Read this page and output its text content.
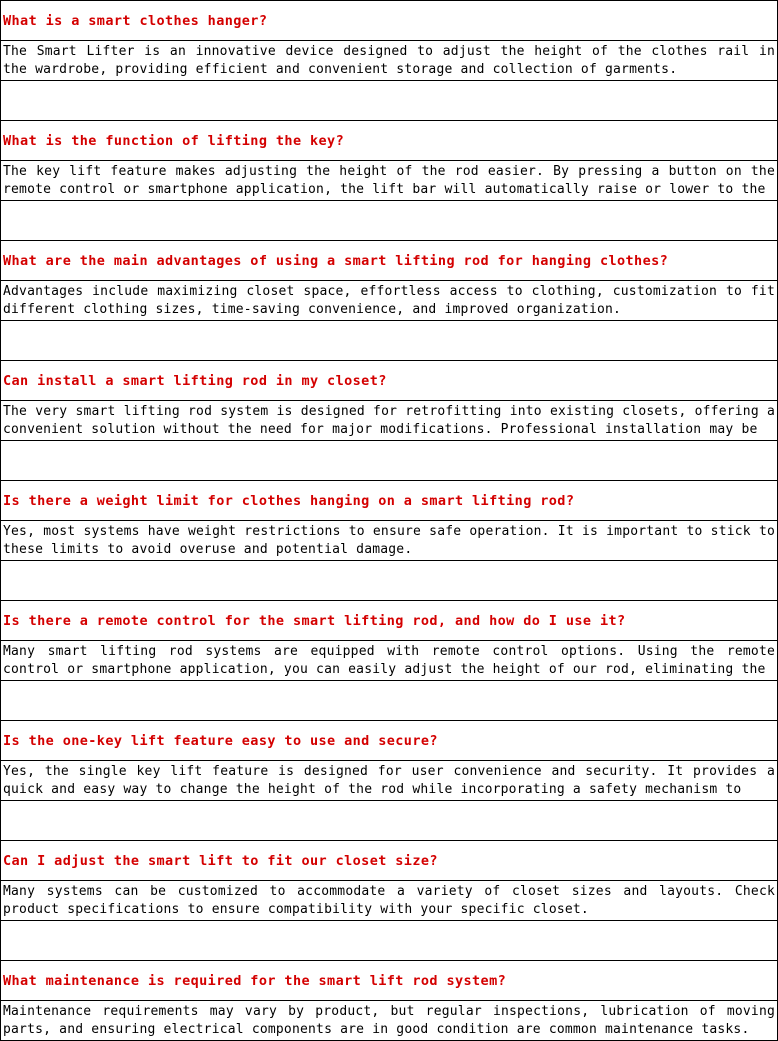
What is a smart clothes hanger?

The Smart Lifter is an innovative device designed to adjust the height of the clothes rail in the wardrobe, providing efficient and convenient storage and collection of garments.

What is the function of lifting the key?

The key lift feature makes adjusting the height of the rod easier. By pressing a button on the remote control or smartphone application, the lift bar will automatically raise or lower to the

What are the main advantages of using a smart lifting rod for hanging clothes?

Advantages include maximizing closet space, effortless access to clothing, customization to fit different clothing sizes, time-saving convenience, and improved organization.

Can install a smart lifting rod in my closet?

The very smart lifting rod system is designed for retrofitting into existing closets, offering a convenient solution without the need for major modifications. Professional installation may be

Is there a weight limit for clothes hanging on a smart lifting rod?

Yes, most systems have weight restrictions to ensure safe operation. It is important to stick to these limits to avoid overuse and potential damage.

Is there a remote control for the smart lifting rod, and how do I use it?

Many smart lifting rod systems are equipped with remote control options. Using the remote control or smartphone application, you can easily adjust the height of our rod, eliminating the

Is the one-key lift feature easy to use and secure?

Yes, the single key lift feature is designed for user convenience and security. It provides a quick and easy way to change the height of the rod while incorporating a safety mechanism to

Can I adjust the smart lift to fit our closet size?

Many systems can be customized to accommodate a variety of closet sizes and layouts. Check product specifications to ensure compatibility with your specific closet.

What maintenance is required for the smart lift rod system?

Maintenance requirements may vary by product, but regular inspections, lubrication of moving parts, and ensuring electrical components are in good condition are common maintenance tasks.
